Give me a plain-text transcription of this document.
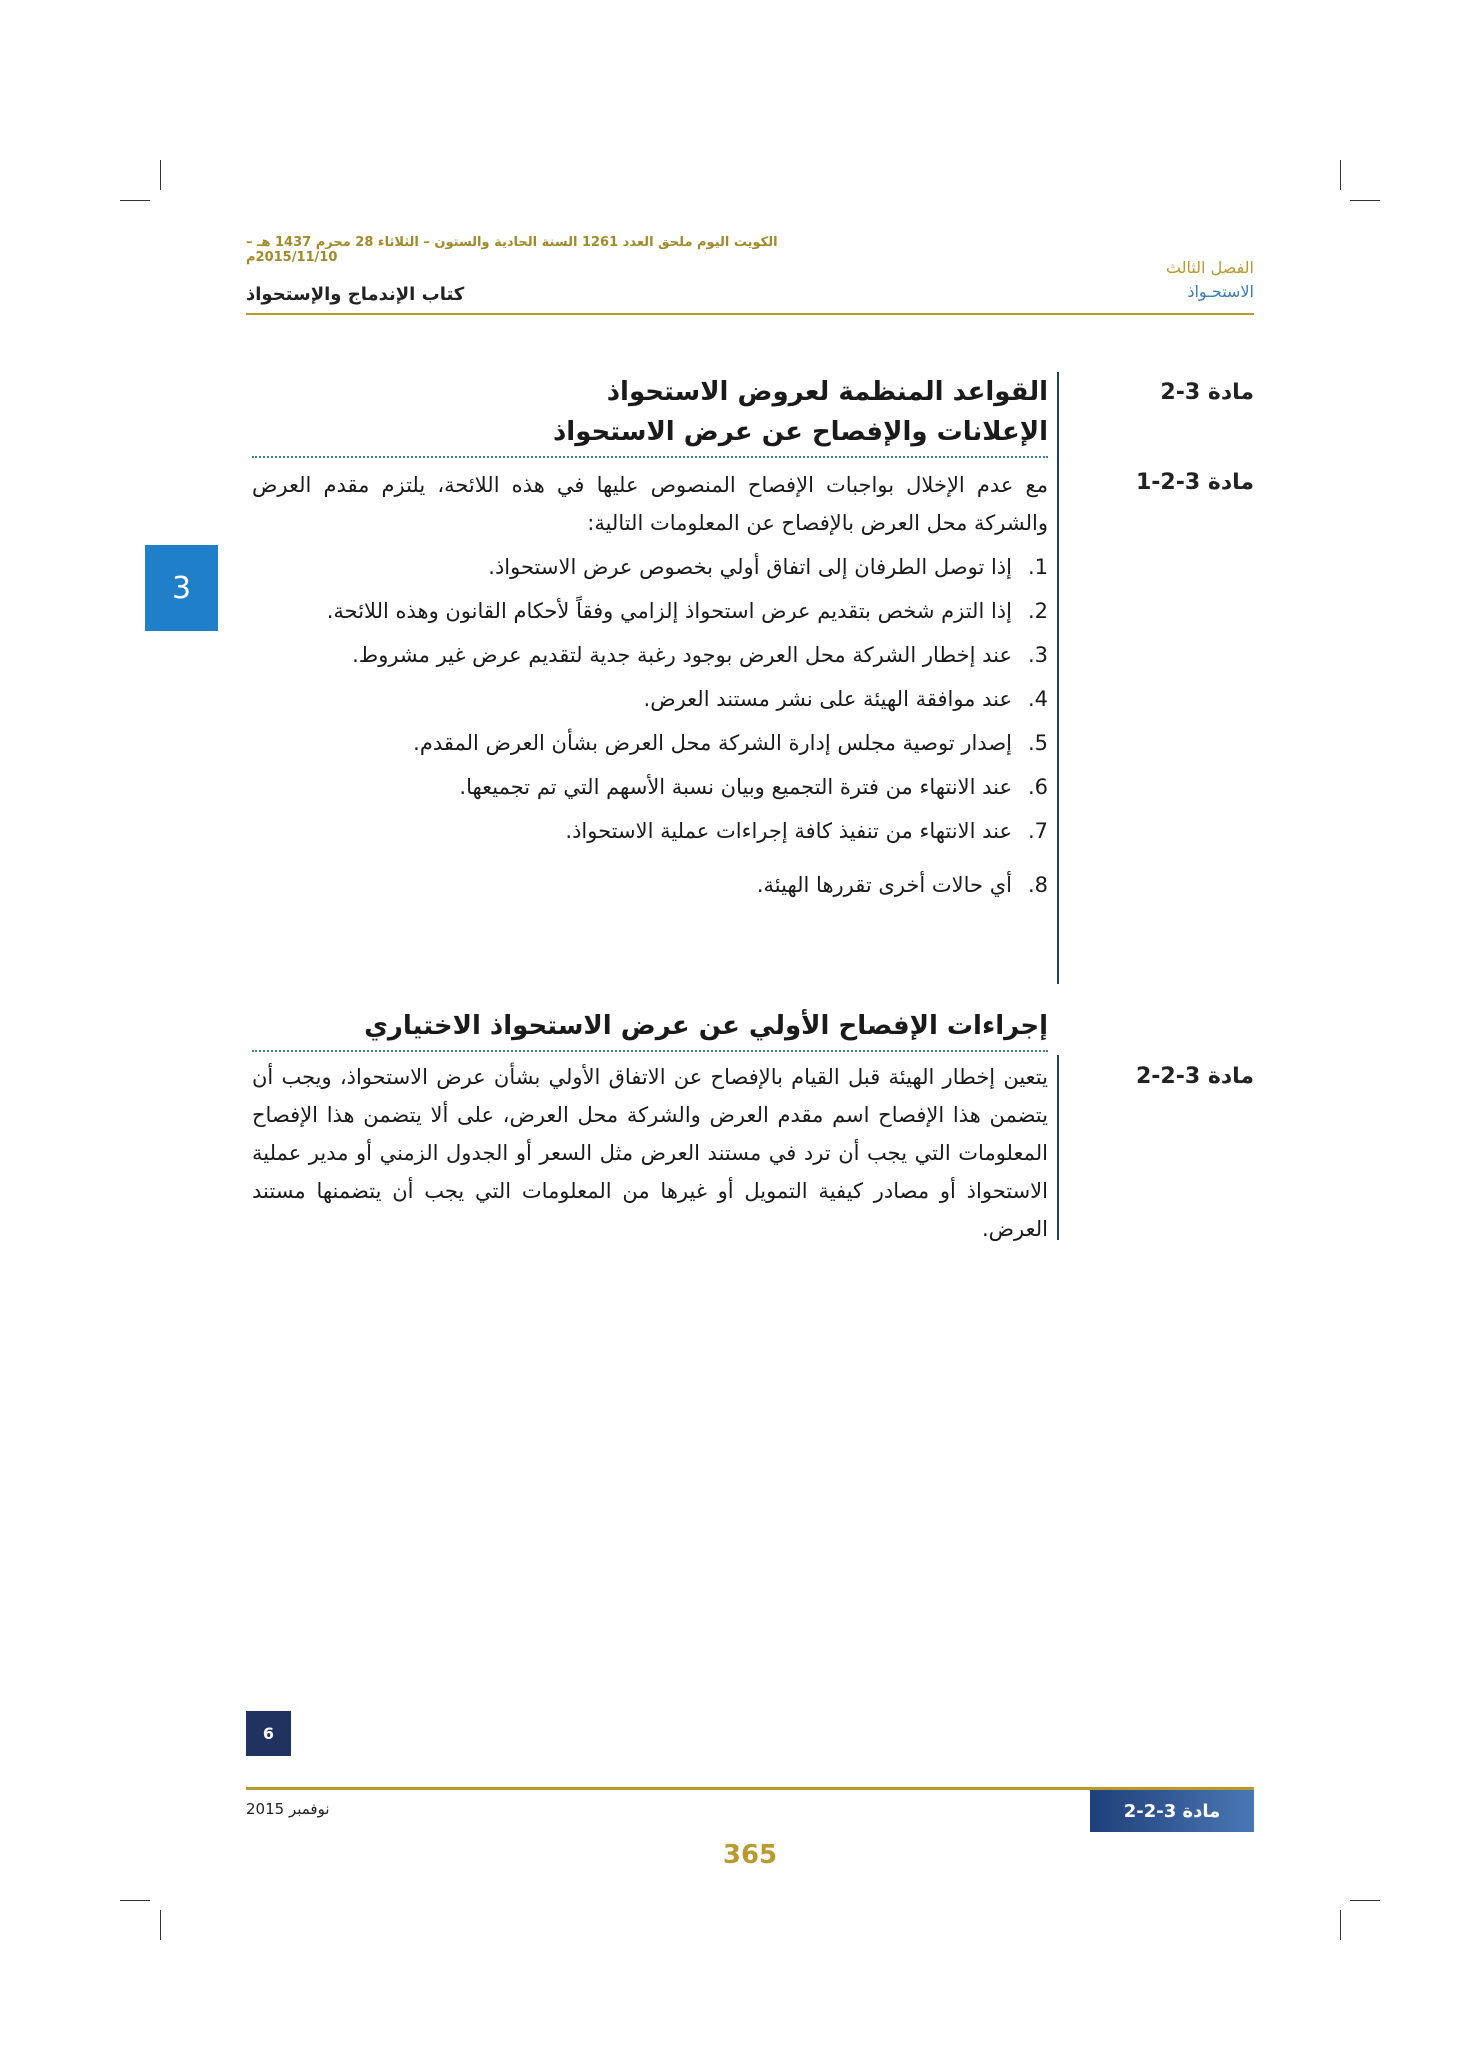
الكويت اليوم ملحق العدد 1261 السنة الحادية والستون – الثلاثاء 28 محرم 1437 هـ – 2015/11/10م
الفصل الثالث
الاستحـواذ
كتاب الإندماج والإستحواذ
3
مادة 3-2
القواعد المنظمة لعروض الاستحواذ
الإعلانات والإفصاح عن عرض الاستحواذ
مادة 3-2-1
مع عدم الإخلال بواجبات الإفصاح المنصوص عليها في هذه اللائحة، يلتزم مقدم العرض والشركة محل العرض بالإفصاح عن المعلومات التالية:
1.
إذا توصل الطرفان إلى اتفاق أولي بخصوص عرض الاستحواذ.
2.
إذا التزم شخص بتقديم عرض استحواذ إلزامي وفقاً لأحكام القانون وهذه اللائحة.
3.
عند إخطار الشركة محل العرض بوجود رغبة جدية لتقديم عرض غير مشروط.
4.
عند موافقة الهيئة على نشر مستند العرض.
5.
إصدار توصية مجلس إدارة الشركة محل العرض بشأن العرض المقدم.
6.
عند الانتهاء من فترة التجميع وبيان نسبة الأسهم التي تم تجميعها.
7.
عند الانتهاء من تنفيذ كافة إجراءات عملية الاستحواذ.
8.
أي حالات أخرى تقررها الهيئة.
إجراءات الإفصاح الأولي عن عرض الاستحواذ الاختياري
مادة 3-2-2
يتعين إخطار الهيئة قبل القيام بالإفصاح عن الاتفاق الأولي بشأن عرض الاستحواذ، ويجب أن يتضمن هذا الإفصاح اسم مقدم العرض والشركة محل العرض، على ألا يتضمن هذا الإفصاح المعلومات التي يجب أن ترد في مستند العرض مثل السعر أو الجدول الزمني أو مدير عملية الاستحواذ أو مصادر كيفية التمويل أو غيرها من المعلومات التي يجب أن يتضمنها مستند العرض.
6
نوفمبر 2015	مادة 3-2-2
365
